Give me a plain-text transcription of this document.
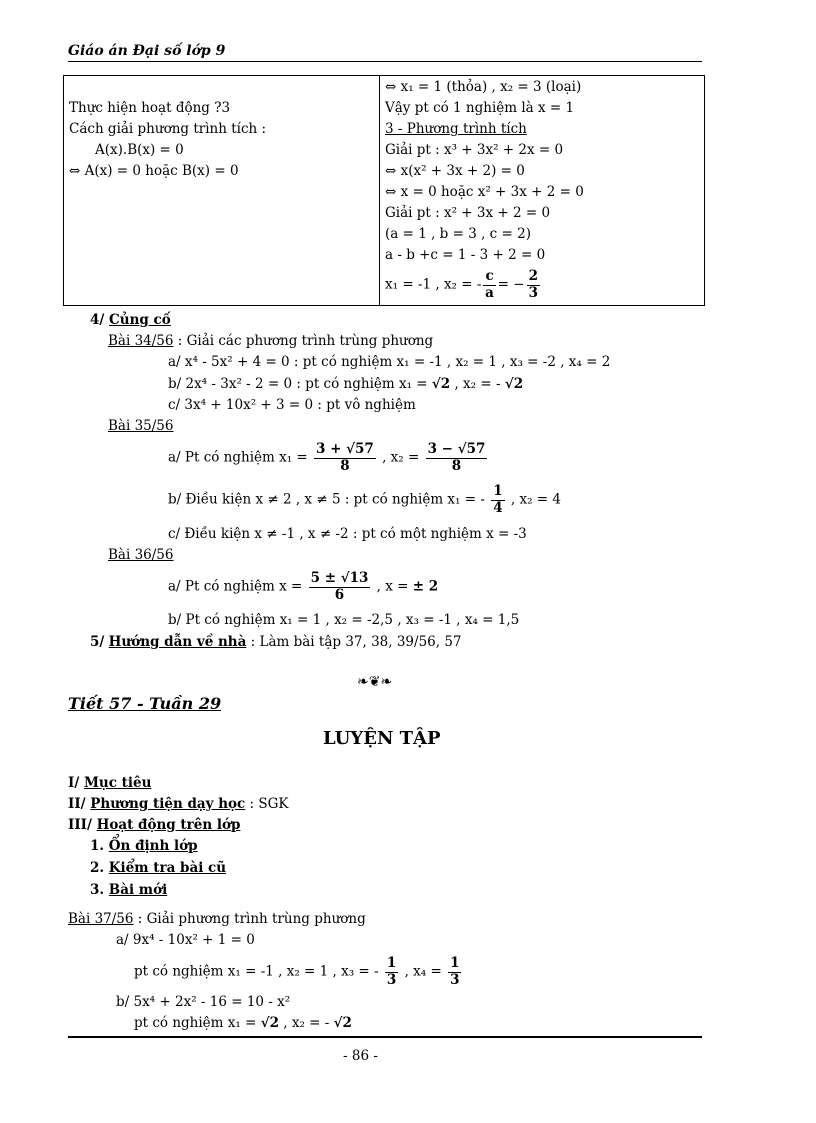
Giáo án Đại số lớp 9
Thực hiện hoạt động ?3
Cách giải phương trình tích :
A(x).B(x) = 0
⇔ A(x) = 0 hoặc B(x) = 0
⇔ x₁ = 1 (thỏa) , x₂ = 3 (loại)
Vậy pt có 1 nghiệm là x = 1
3 - Phương trình tích
Giải pt : x³ + 3x² + 2x = 0
⇔ x(x² + 3x + 2) = 0
⇔ x = 0 hoặc x² + 3x + 2 = 0
Giải pt : x² + 3x + 2 = 0
(a = 1 , b = 3 , c = 2)
a - b +c = 1 - 3 + 2 = 0
x₁ = -1 , x₂ = - $\frac{c}{a}$ = − $\frac{2}{3}$
4/ Củng cố
Bài 34/56 : Giải các phương trình trùng phương
a/ x⁴ - 5x² + 4 = 0 : pt có nghiệm x₁ = -1 , x₂ = 1 , x₃ = -2 , x₄ = 2
b/ 2x⁴ - 3x² - 2 = 0 : pt có nghiệm x₁ = √2 , x₂ = - √2
c/ 3x⁴ + 10x² + 3 = 0 : pt vô nghiệm
Bài 35/56
a/ Pt có nghiệm $x_1 = \frac{3 + √57}{8}$ , $x_2 = \frac{3 - √57}{8}$
b/ Điều kiện x ≠ 2 , x ≠ 5 : pt có nghiệm x₁ = - $\frac{1}{4}$ , x₂ = 4
c/ Điều kiện x ≠ -1 , x ≠ -2 : pt có một nghiệm x = -3
Bài 36/56
a/ Pt có nghiệm $x = \frac{5 \pm √13}{6}$ , x = ± 2
b/ Pt có nghiệm x₁ = 1 , x₂ = -2,5 , x₃ = -1 , x₄ = 1,5
5/ Hướng dẫn về nhà : Làm bài tập 37, 38, 39/56, 57
❧❦❧
Tiết 57 - Tuần 29
LUYỆN TẬP
I/ Mục tiêu
II/ Phương tiện dạy học : SGK
III/ Hoạt động trên lớp
1. Ổn định lớp
2. Kiểm tra bài cũ
3. Bài mới
Bài 37/56 : Giải phương trình trùng phương
a/ 9x⁴ - 10x² + 1 = 0
pt có nghiệm x₁ = -1 , x₂ = 1 , x₃ = - $\frac{1}{3}$ , $x_4 = \frac{1}{3}$
b/ 5x⁴ + 2x² - 16 = 10 - x²
pt có nghiệm x₁ = √2 , x₂ = - √2
- 86 -
